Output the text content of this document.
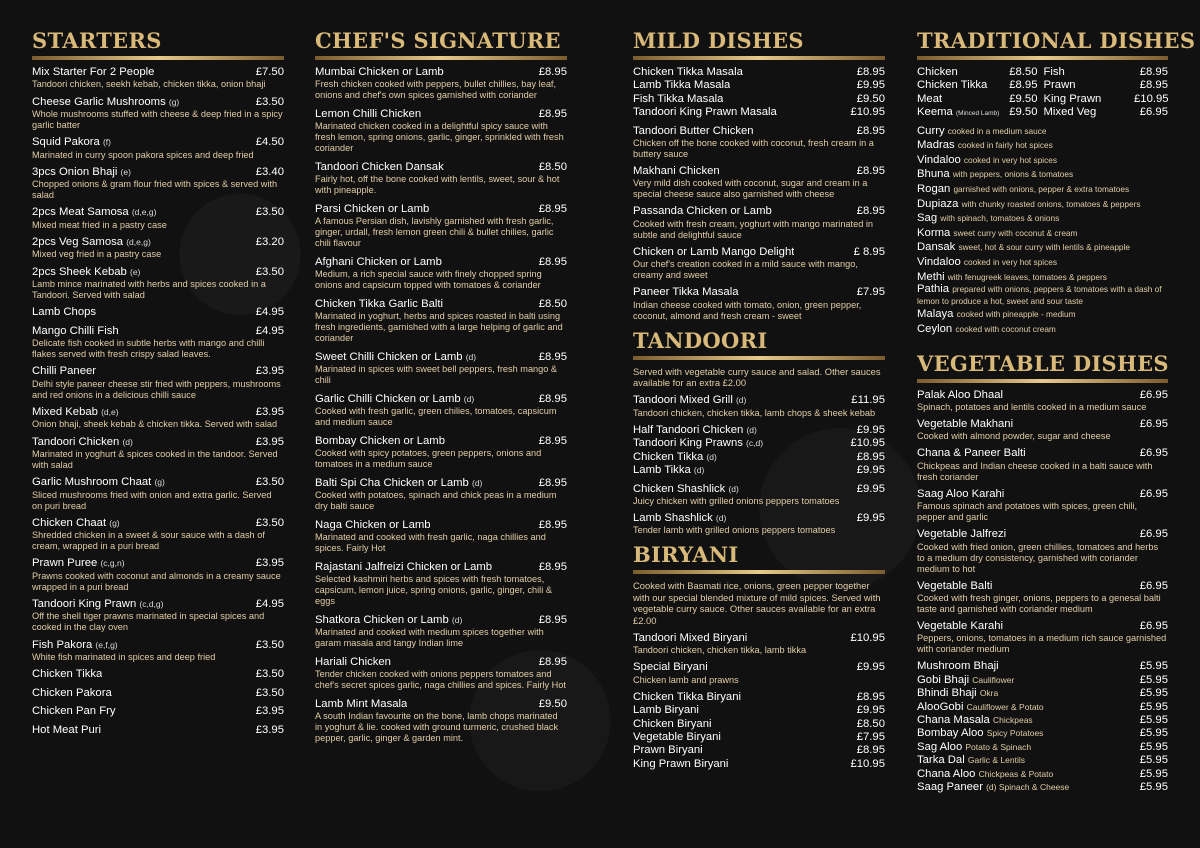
STARTERS
Mix Starter For 2 People	£7.50
Tandoori chicken, seekh kebab, chicken tikka, onion bhaji
Cheese Garlic Mushrooms (g)	£3.50
Whole mushrooms stuffed with cheese & deep fried in a spicy garlic batter
Squid Pakora (f)	£4.50
Marinated in curry spoon pakora spices and deep fried
3pcs Onion Bhaji (e)	£3.40
Chopped onions & gram flour fried with spices & served with salad
2pcs Meat Samosa (d,e,g)	£3.50
Mixed meat fried in a pastry case
2pcs Veg Samosa (d,e,g)	£3.20
Mixed veg fried in a pastry case
2pcs Sheek Kebab (e)	£3.50
Lamb mince marinated with herbs and spices cooked in a Tandoori. Served with salad
Lamb Chops	£4.95
Mango Chilli Fish	£4.95
Delicate fish cooked in subtle herbs with mango and chilli flakes served with fresh crispy salad leaves.
Chilli Paneer	£3.95
Delhi style paneer cheese stir fried with peppers, mushrooms and red onions in a delicious chilli sauce
Mixed Kebab (d,e)	£3.95
Onion bhaji, sheek kebab & chicken tikka. Served with salad
Tandoori Chicken (d)	£3.95
Marinated in yoghurt & spices cooked in the tandoor. Served with salad
Garlic Mushroom Chaat (g)	£3.50
Sliced mushrooms fried with onion and extra garlic. Served on puri bread
Chicken Chaat (g)	£3.50
Shredded chicken in a sweet & sour sauce with a dash of cream, wrapped in a puri bread
Prawn Puree (c,g,n)	£3.95
Prawns cooked with coconut and almonds in a creamy sauce wrapped in a puri bread
Tandoori King Prawn (c,d,g)	£4.95
Off the shell tiger prawns marinated in special spices and cooked in the clay oven
Fish Pakora (e,f,g)	£3.50
White fish marinated in spices and deep fried
Chicken Tikka	£3.50
Chicken Pakora	£3.50
Chicken Pan Fry	£3.95
Hot Meat Puri	£3.95
CHEF'S SIGNATURE
Mumbai Chicken or Lamb	£8.95
Fresh chicken cooked with peppers, bullet chillies, bay leaf, onions and chef's own spices garnished with coriander
Lemon Chilli Chicken	£8.95
Marinated chicken cooked in a delightful spicy sauce with fresh lemon, spring onions, garlic, ginger, sprinkled with fresh coriander
Tandoori Chicken Dansak	£8.50
Fairly hot, off the bone cooked with lentils, sweet, sour & hot with pineapple.
Parsi Chicken or Lamb	£8.95
A famous Persian dish, lavishly garnished with fresh garlic, ginger, urdall, fresh lemon green chili & bullet chilies, garlic chili flavour
Afghani Chicken or Lamb	£8.95
Medium, a rich special sauce with finely chopped spring onions and capsicum topped with tomatoes & coriander
Chicken Tikka Garlic Balti	£8.50
Marinated in yoghurt, herbs and spices roasted in balti using fresh ingredients, garnished with a large helping of garlic and coriander
Sweet Chilli Chicken or Lamb (d)	£8.95
Marinated in spices with sweet bell peppers, fresh mango & chili
Garlic Chilli Chicken or Lamb (d)	£8.95
Cooked with fresh garlic, green chilies, tomatoes, capsicum and medium sauce
Bombay Chicken or Lamb	£8.95
Cooked with spicy potatoes, green peppers, onions and tomatoes in a medium sauce
Balti Spi Cha Chicken or Lamb (d)	£8.95
Cooked with potatoes, spinach and chick peas in a medium dry balti sauce
Naga Chicken or Lamb	£8.95
Marinated and cooked with fresh garlic, naga chillies and spices. Fairly Hot
Rajastani Jalfreizi Chicken or Lamb	£8.95
Selected kashmiri herbs and spices with fresh tomatoes, capsicum, lemon juice, spring onions, garlic, ginger, chili & eggs
Shatkora Chicken or Lamb (d)	£8.95
Marinated and cooked with medium spices together with garam masala and tangy Indian lime
Hariali Chicken	£8.95
Tender chicken cooked with onions peppers tomatoes and chef's secret spices garlic, naga chillies and spices. Fairly Hot
Lamb Mint Masala	£9.50
A south Indian favourite on the bone, lamb chops marinated in yoghurt & lie. cooked with ground turmeric, crushed black pepper, garlic, ginger & garden mint.
MILD DISHES
Chicken Tikka Masala	£8.95
Lamb Tikka Masala	£9.95
Fish Tikka Masala	£9.50
Tandoori King Prawn Masala	£10.95
Tandoori Butter Chicken	£8.95
Chicken off the bone cooked with coconut, fresh cream in a buttery sauce
Makhani Chicken	£8.95
Very mild dish cooked with coconut, sugar and cream in a special cheese sauce also garnished with cheese
Passanda Chicken or Lamb	£8.95
Cooked with fresh cream, yoghurt with mango marinated in subtle and delightful sauce
Chicken or Lamb Mango Delight	£ 8.95
Our chef's creation cooked in a mild sauce with mango, creamy and sweet
Paneer Tikka Masala	£7.95
Indian cheese cooked with tomato, onion, green pepper, coconut, almond and fresh cream - sweet
TANDOORI
Served with vegetable curry sauce and salad. Other sauces available for an extra £2.00
Tandoori Mixed Grill (d)	£11.95
Tandoori chicken, chicken tikka, lamb chops & sheek kebab
Half Tandoori Chicken (d)	£9.95
Tandoori King Prawns (c,d)	£10.95
Chicken Tikka (d)	£8.95
Lamb Tikka (d)	£9.95
Chicken Shashlick (d)	£9.95
Juicy chicken with grilled onions peppers tomatoes
Lamb Shashlick (d)	£9.95
Tender lamb with grilled onions peppers tomatoes
BIRYANI
Cooked with Basmati rice, onions, green pepper together with our special blended mixture of mild spices. Served with vegetable curry sauce. Other sauces available for an extra £2.00
Tandoori Mixed Biryani	£10.95
Tandoori chicken, chicken tikka, lamb tikka
Special Biryani	£9.95
Chicken lamb and prawns
Chicken Tikka Biryani	£8.95
Lamb Biryani	£9.95
Chicken Biryani	£8.50
Vegetable Biryani	£7.95
Prawn Biryani	£8.95
King Prawn Biryani	£10.95
TRADITIONAL DISHES
Chicken	£8.50 Fish	£8.95
Chicken Tikka	£8.95 Prawn	£8.95
Meat	£9.50 King Prawn	£10.95
Keema (Minced Lamb) £9.50 Mixed Veg	£6.95
Curry cooked in a medium sauce
Madras cooked in fairly hot spices
Vindaloo cooked in very hot spices
Bhuna with peppers, onions & tomatoes
Rogan garnished with onions, pepper & extra tomatoes
Dupiaza with chunky roasted onions, tomatoes & peppers
Sag with spinach, tomatoes & onions
Korma sweet curry with coconut & cream
Dansak sweet, hot & sour curry with lentils & pineapple
Vindaloo cooked in very hot spices
Methi with fenugreek leaves, tomatoes & peppers
Pathia prepared with onions, peppers & tomatoes with a dash of lemon to produce a hot, sweet and sour taste
Malaya cooked with pineapple - medium
Ceylon cooked with coconut cream
VEGETABLE DISHES
Palak Aloo Dhaal	£6.95
Spinach, potatoes and lentils cooked in a medium sauce
Vegetable Makhani	£6.95
Cooked with almond powder, sugar and cheese
Chana & Paneer Balti	£6.95
Chickpeas and Indian cheese cooked in a balti sauce with fresh coriander
Saag Aloo Karahi	£6.95
Famous spinach and potatoes with spices, green chili, pepper and garlic
Vegetable Jalfrezi	£6.95
Cooked with fried onion, green chillies, tomatoes and herbs to a medium dry consistency, garnished with coriander medium to hot
Vegetable Balti	£6.95
Cooked with fresh ginger, onions, peppers to a genesal balti taste and garnished with coriander medium
Vegetable Karahi	£6.95
Peppers, onions, tomatoes in a medium rich sauce garnished with coriander medium
Mushroom Bhaji	£5.95
Gobi Bhaji Cauliflower	£5.95
Bhindi Bhaji Okra	£5.95
AlooGobi Cauliflower & Potato	£5.95
Chana Masala Chickpeas	£5.95
Bombay Aloo Spicy Potatoes	£5.95
Sag Aloo Potato & Spinach	£5.95
Tarka Dal Garlic & Lentils	£5.95
Chana Aloo Chickpeas & Potato	£5.95
Saag Paneer (d) Spinach & Cheese	£5.95
